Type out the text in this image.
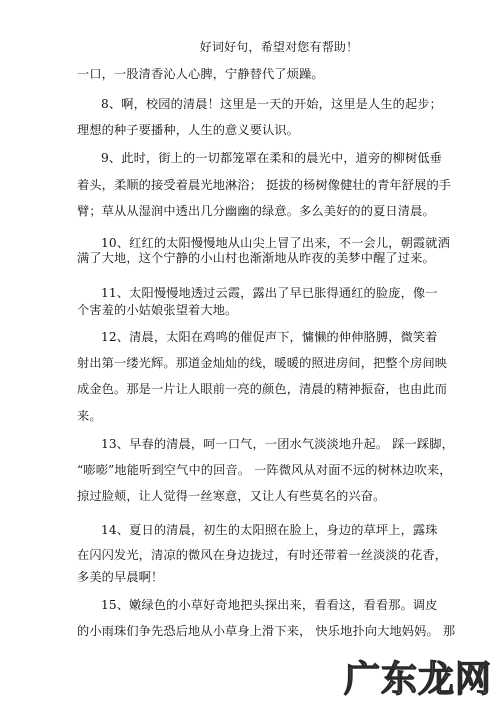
好词好句，希望对您有帮助！
一口，一股清香沁人心脾，宁静替代了烦躁。
8、啊，校园的清晨！这里是一天的开始，这里是人生的起步；
理想的种子要播种，人生的意义要认识。
9、此时，街上的一切都笼罩在柔和的晨光中，道旁的柳树低垂
着头，柔顺的接受着晨光地淋浴； 挺拔的杨树像健壮的青年舒展的手
臂；草从从湿润中透出几分幽幽的绿意。多么美好的的夏日清晨。
10、红红的太阳慢慢地从山尖上冒了出来，不一会儿，朝霞就洒
满了大地，这个宁静的小山村也渐渐地从昨夜的美梦中醒了过来。
11、太阳慢慢地透过云霞，露出了早已胀得通红的脸庞，像一
个害羞的小姑娘张望着大地。
12、清晨，太阳在鸡鸣的催促声下，慵懒的伸伸胳膊，微笑着
射出第一缕光辉。那道金灿灿的线，暖暖的照进房间，把整个房间映
成金色。那是一片让人眼前一亮的颜色，清晨的精神振奋，也由此而
来。
13、早春的清晨，呵一口气，一团水气淡淡地升起。 踩一踩脚，
“嘭嘭”地能听到空气中的回音。 一阵微风从对面不远的树林边吹来，
掠过脸颊，让人觉得一丝寒意，又让人有些莫名的兴奋。
14、夏日的清晨，初生的太阳照在脸上，身边的草坪上，露珠
在闪闪发光，清凉的微风在身边拢过，有时还带着一丝淡淡的花香，
多美的早晨啊！
15、嫩绿色的小草好奇地把头探出来，看看这，看看那。调皮
的小雨珠们争先恐后地从小草身上滑下来， 快乐地扑向大地妈妈。 那
广东龙网
